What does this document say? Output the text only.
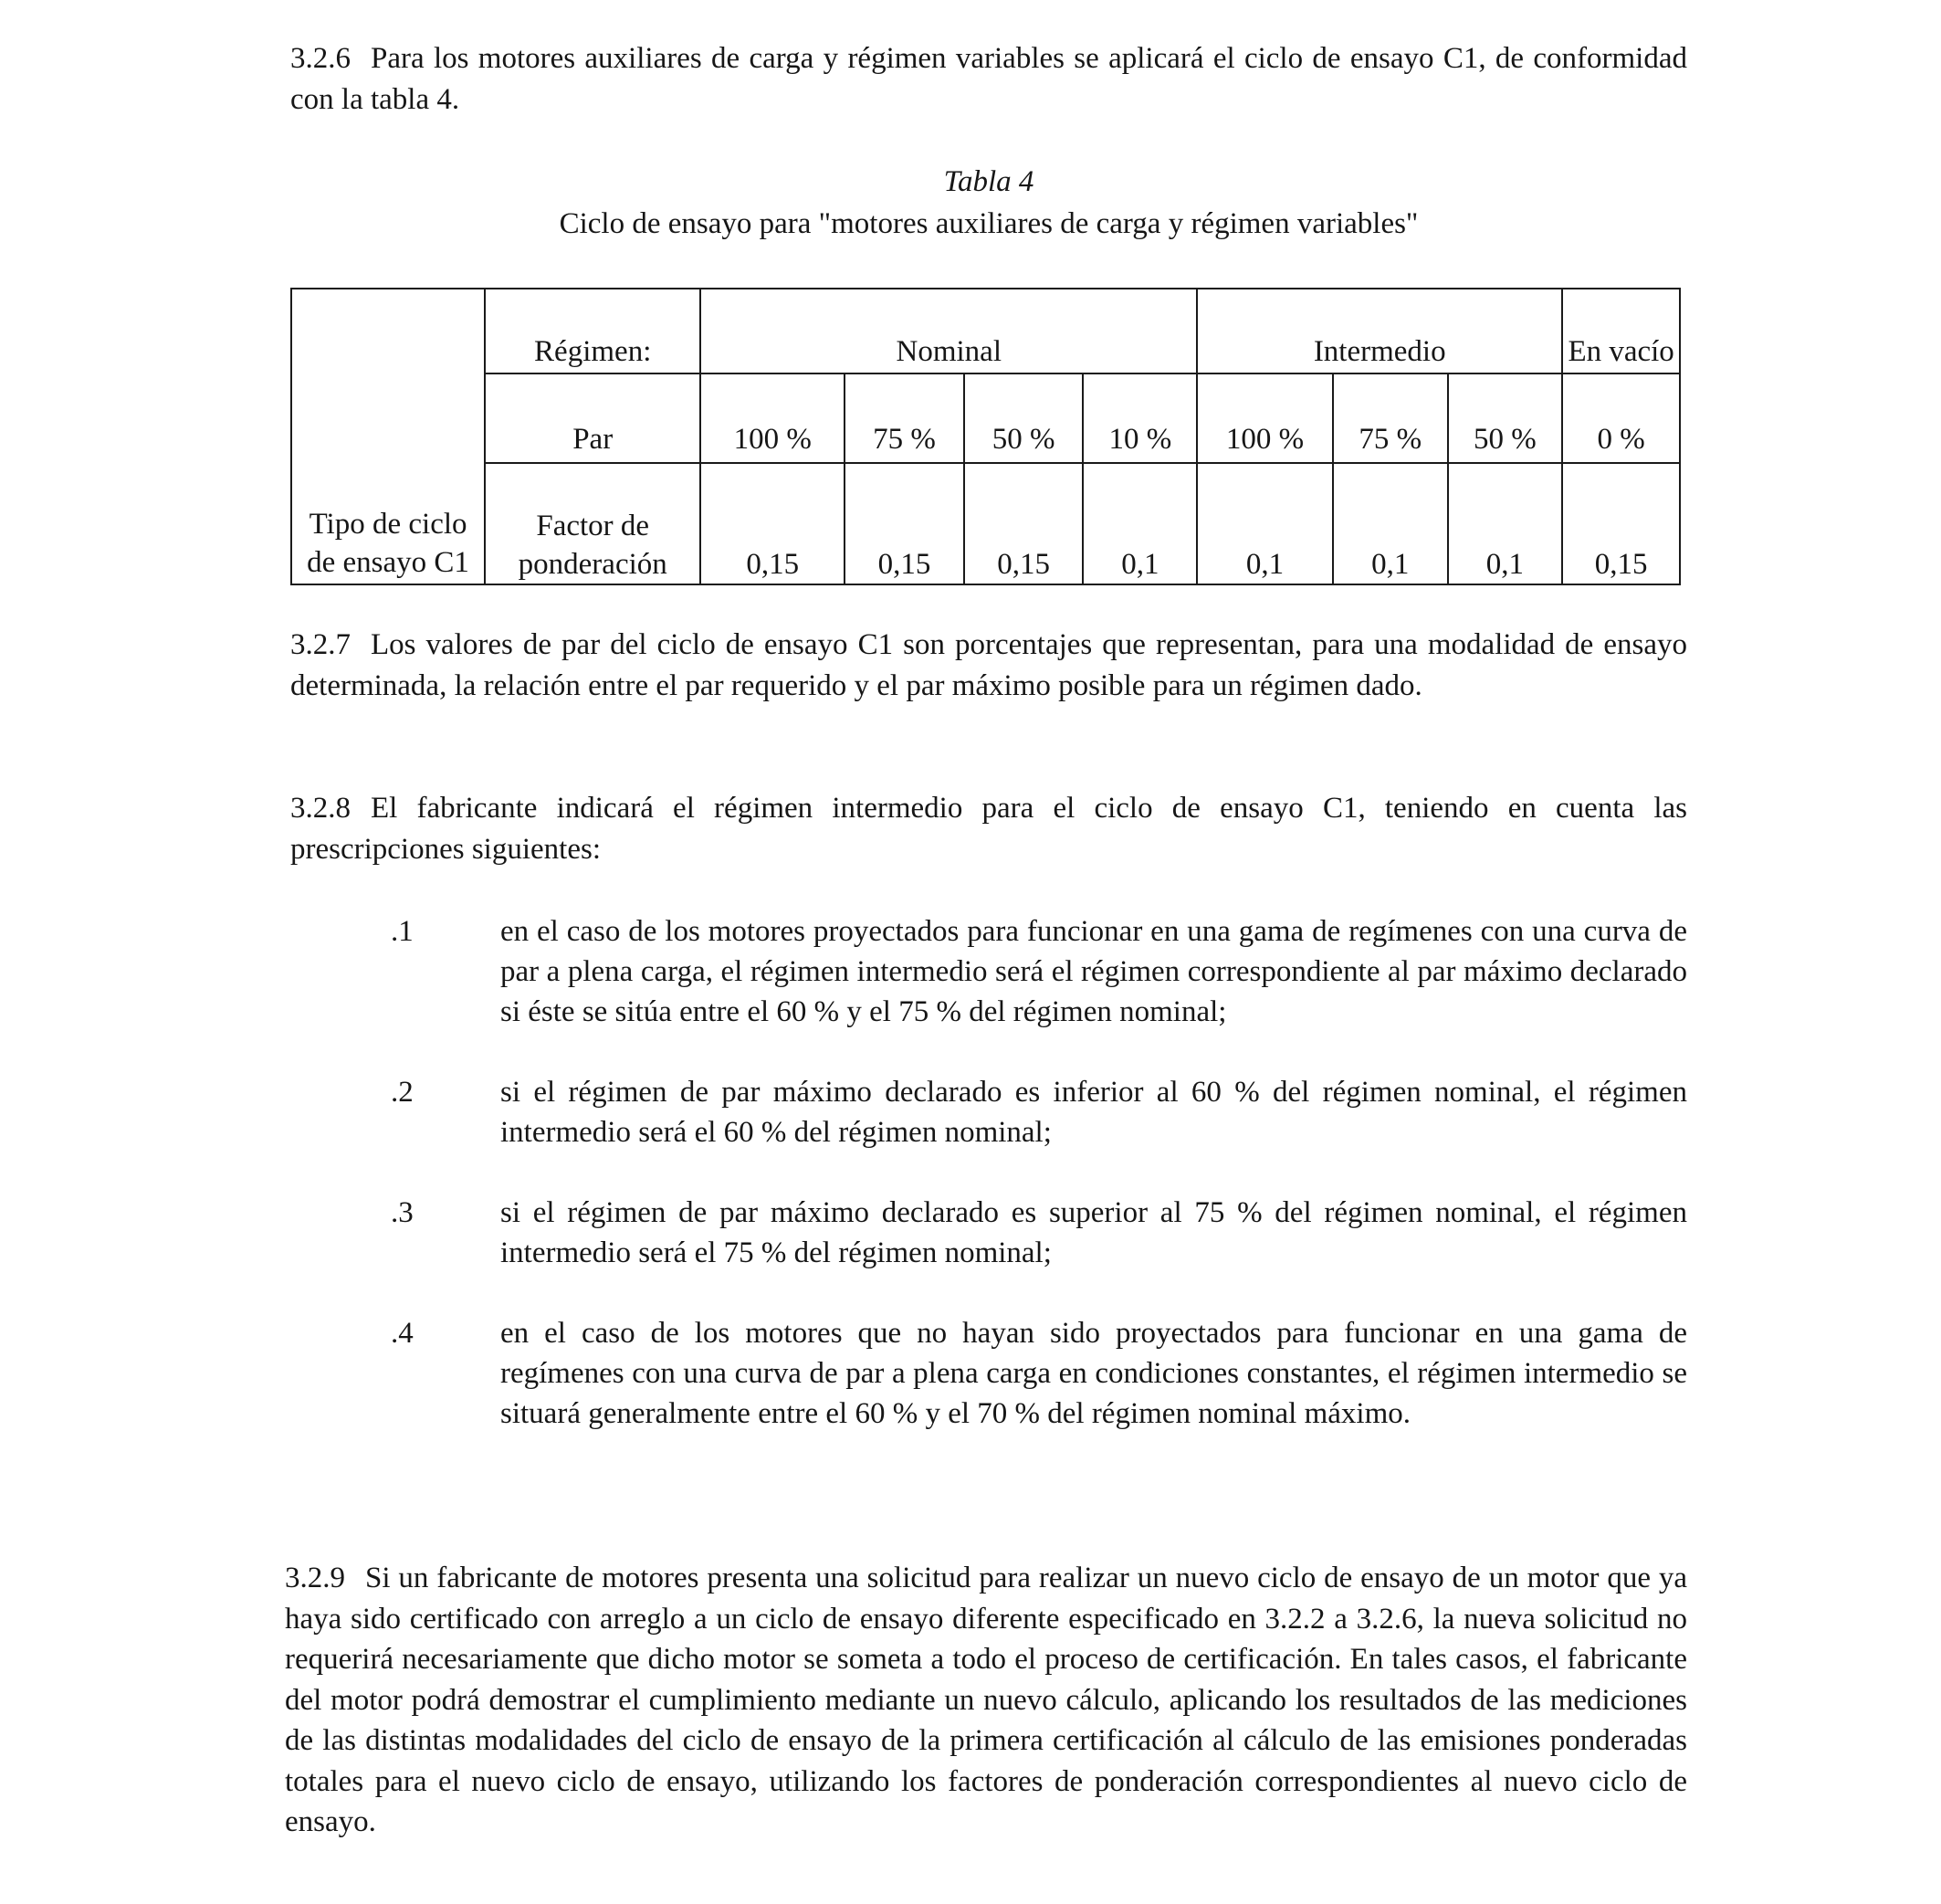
3.2.6 Para los motores auxiliares de carga y régimen variables se aplicará el ciclo de ensayo C1, de conformidad con la tabla 4.

Tabla 4
Ciclo de ensayo para "motores auxiliares de carga y régimen variables"
Tipo de ciclo de ensayo C1	Régimen:	Nominal				Intermedio			En vacío
	Par	100 %	75 %	50 %	10 %	100 %	75 %	50 %	0 %
	Factor de ponderación	0,15	0,15	0,15	0,1	0,1	0,1	0,1	0,15

3.2.7 Los valores de par del ciclo de ensayo C1 son porcentajes que representan, para una modalidad de ensayo determinada, la relación entre el par requerido y el par máximo posible para un régimen dado.

3.2.8 El fabricante indicará el régimen intermedio para el ciclo de ensayo C1, teniendo en cuenta las prescripciones siguientes:

.1	en el caso de los motores proyectados para funcionar en una gama de regímenes con una curva de par a plena carga, el régimen intermedio será el régimen correspondiente al par máximo declarado si éste se sitúa entre el 60 % y el 75 % del régimen nominal;
.2	si el régimen de par máximo declarado es inferior al 60 % del régimen nominal, el régimen intermedio será el 60 % del régimen nominal;
.3	si el régimen de par máximo declarado es superior al 75 % del régimen nominal, el régimen intermedio será el 75 % del régimen nominal;
.4	en el caso de los motores que no hayan sido proyectados para funcionar en una gama de regímenes con una curva de par a plena carga en condiciones constantes, el régimen intermedio se situará generalmente entre el 60 % y el 70 % del régimen nominal máximo.

3.2.9 Si un fabricante de motores presenta una solicitud para realizar un nuevo ciclo de ensayo de un motor que ya haya sido certificado con arreglo a un ciclo de ensayo diferente especificado en 3.2.2 a 3.2.6, la nueva solicitud no requerirá necesariamente que dicho motor se someta a todo el proceso de certificación. En tales casos, el fabricante del motor podrá demostrar el cumplimiento mediante un nuevo cálculo, aplicando los resultados de las mediciones de las distintas modalidades del ciclo de ensayo de la primera certificación al cálculo de las emisiones ponderadas totales para el nuevo ciclo de ensayo, utilizando los factores de ponderación correspondientes al nuevo ciclo de ensayo.
